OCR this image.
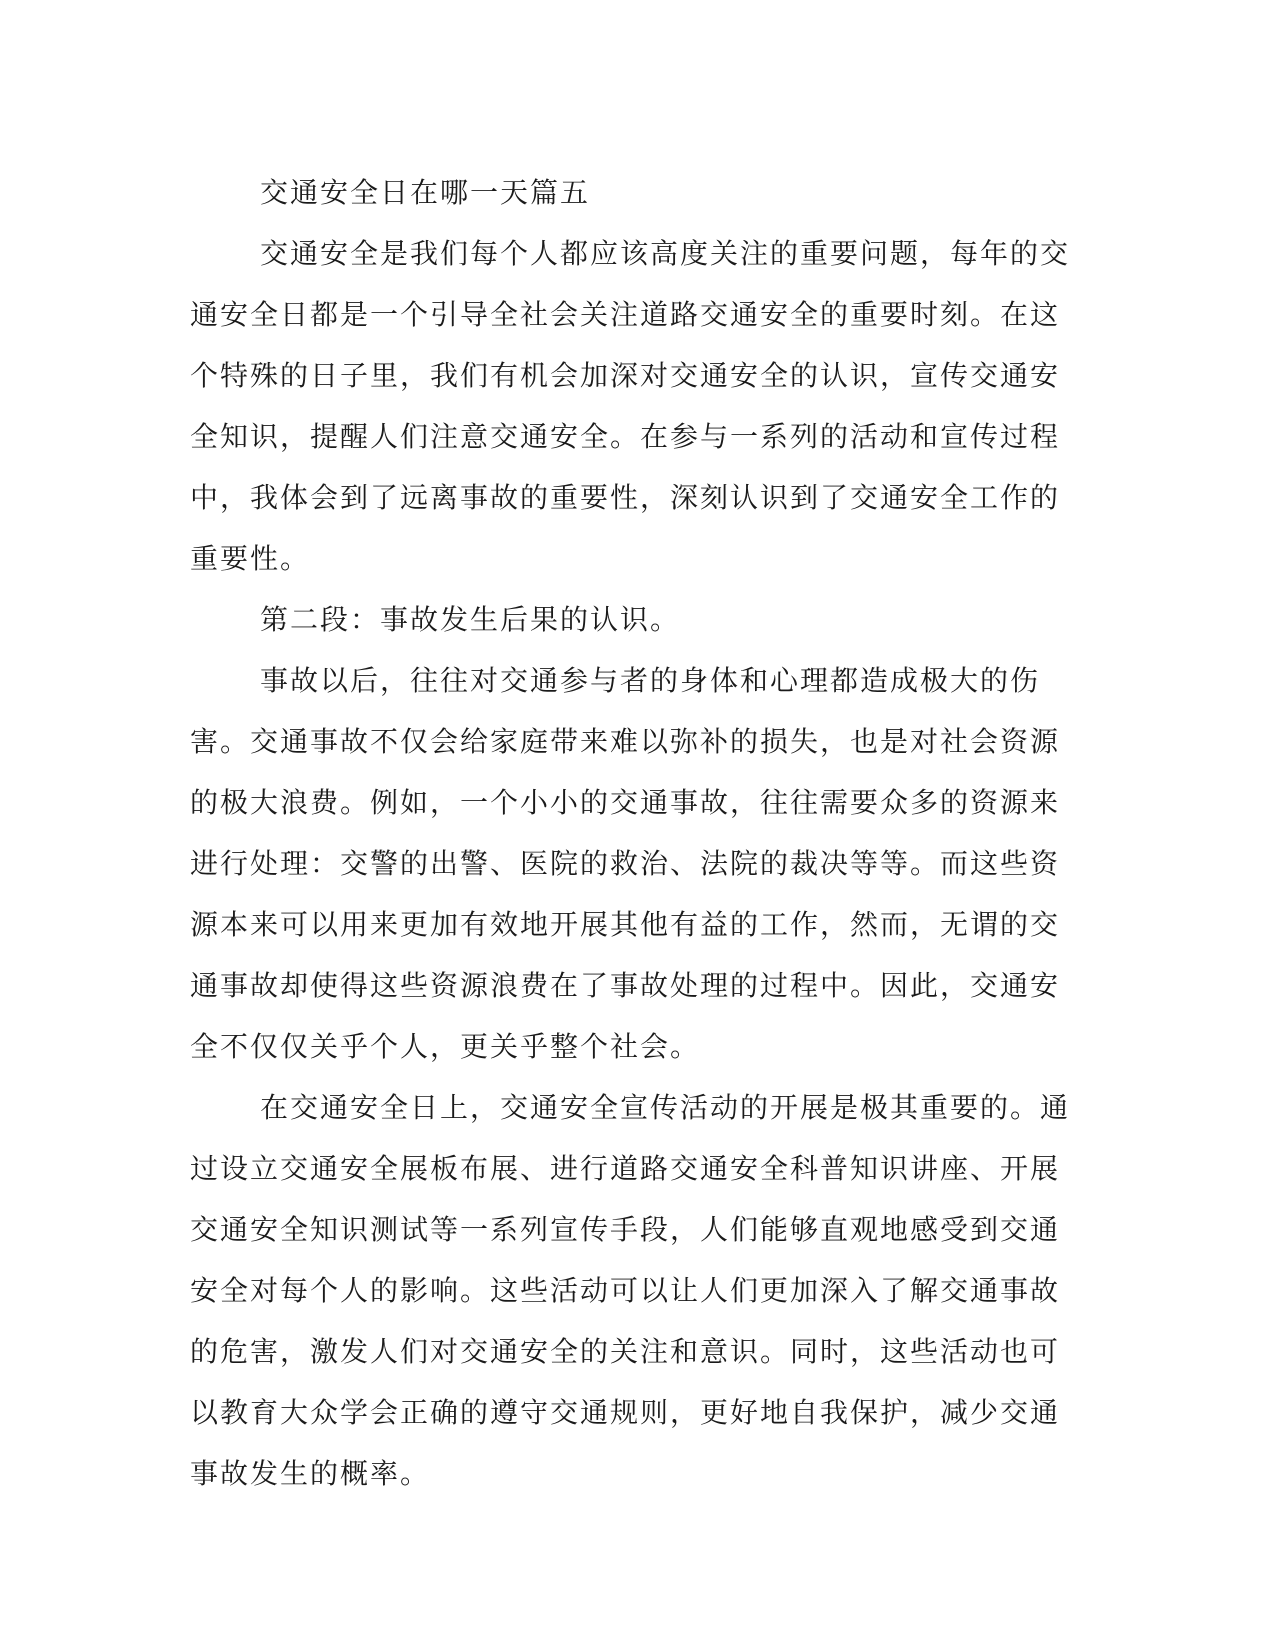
交通安全日在哪一天篇五

交通安全是我们每个人都应该高度关注的重要问题，每年的交通安全日都是一个引导全社会关注道路交通安全的重要时刻。在这个特殊的日子里，我们有机会加深对交通安全的认识，宣传交通安全知识，提醒人们注意交通安全。在参与一系列的活动和宣传过程中，我体会到了远离事故的重要性，深刻认识到了交通安全工作的重要性。

第二段：事故发生后果的认识。

事故以后，往往对交通参与者的身体和心理都造成极大的伤害。交通事故不仅会给家庭带来难以弥补的损失，也是对社会资源的极大浪费。例如，一个小小的交通事故，往往需要众多的资源来进行处理：交警的出警、医院的救治、法院的裁决等等。而这些资源本来可以用来更加有效地开展其他有益的工作，然而，无谓的交通事故却使得这些资源浪费在了事故处理的过程中。因此，交通安全不仅仅关乎个人，更关乎整个社会。

在交通安全日上，交通安全宣传活动的开展是极其重要的。通过设立交通安全展板布展、进行道路交通安全科普知识讲座、开展交通安全知识测试等一系列宣传手段，人们能够直观地感受到交通安全对每个人的影响。这些活动可以让人们更加深入了解交通事故的危害，激发人们对交通安全的关注和意识。同时，这些活动也可以教育大众学会正确的遵守交通规则，更好地自我保护，减少交通事故发生的概率。
